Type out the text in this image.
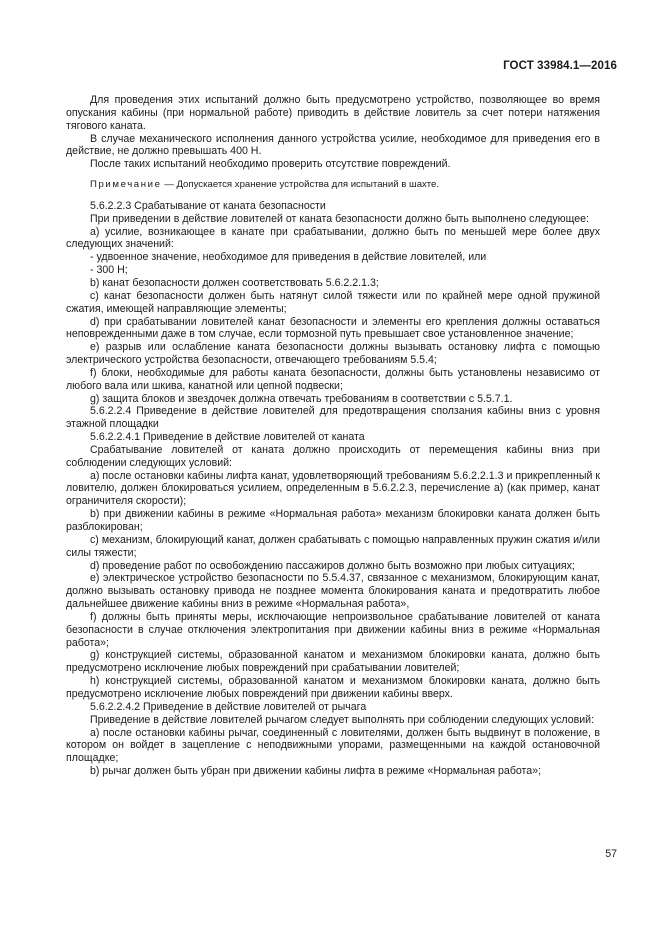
ГОСТ 33984.1—2016

Для проведения этих испытаний должно быть предусмотрено устройство, позволяющее во время опускания кабины (при нормальной работе) приводить в действие ловитель за счет потери натяжения тягового каната.

В случае механического исполнения данного устройства усилие, необходимое для приведения его в действие, не должно превышать 400 Н.

После таких испытаний необходимо проверить отсутствие повреждений.

Примечание — Допускается хранение устройства для испытаний в шахте.

5.6.2.2.3 Срабатывание от каната безопасности

При приведении в действие ловителей от каната безопасности должно быть выполнено следующее:

а) усилие, возникающее в канате при срабатывании, должно быть по меньшей мере более двух следующих значений:

- удвоенное значение, необходимое для приведения в действие ловителей, или

- 300 Н;

b) канат безопасности должен соответствовать 5.6.2.2.1.3;

c) канат безопасности должен быть натянут силой тяжести или по крайней мере одной пружиной сжатия, имеющей направляющие элементы;

d) при срабатывании ловителей канат безопасности и элементы его крепления должны оставаться неповрежденными даже в том случае, если тормозной путь превышает свое установленное значение;

e) разрыв или ослабление каната безопасности должны вызывать остановку лифта с помощью электрического устройства безопасности, отвечающего требованиям 5.5.4;

f) блоки, необходимые для работы каната безопасности, должны быть установлены независимо от любого вала или шкива, канатной или цепной подвески;

g) защита блоков и звездочек должна отвечать требованиям в соответствии с 5.5.7.1.

5.6.2.2.4 Приведение в действие ловителей для предотвращения сползания кабины вниз с уровня этажной площадки

5.6.2.2.4.1 Приведение в действие ловителей от каната

Срабатывание ловителей от каната должно происходить от перемещения кабины вниз при соблюдении следующих условий:

a) после остановки кабины лифта канат, удовлетворяющий требованиям 5.6.2.2.1.3 и прикрепленный к ловителю, должен блокироваться усилием, определенным в 5.6.2.2.3, перечисление а) (как пример, канат ограничителя скорости);

b) при движении кабины в режиме «Нормальная работа» механизм блокировки каната должен быть разблокирован;

c) механизм, блокирующий канат, должен срабатывать с помощью направленных пружин сжатия и/или силы тяжести;

d) проведение работ по освобождению пассажиров должно быть возможно при любых ситуациях;

e) электрическое устройство безопасности по 5.5.4.37, связанное с механизмом, блокирующим канат, должно вызывать остановку привода не позднее момента блокирования каната и предотвратить любое дальнейшее движение кабины вниз в режиме «Нормальная работа»,

f) должны быть приняты меры, исключающие непроизвольное срабатывание ловителей от каната безопасности в случае отключения электропитания при движении кабины вниз в режиме «Нормальная работа»;

g) конструкцией системы, образованной канатом и механизмом блокировки каната, должно быть предусмотрено исключение любых повреждений при срабатывании ловителей;

h) конструкцией системы, образованной канатом и механизмом блокировки каната, должно быть предусмотрено исключение любых повреждений при движении кабины вверх.

5.6.2.2.4.2 Приведение в действие ловителей от рычага

Приведение в действие ловителей рычагом следует выполнять при соблюдении следующих условий:

а) после остановки кабины рычаг, соединенный с ловителями, должен быть выдвинут в положение, в котором он войдет в зацепление с неподвижными упорами, размещенными на каждой остановочной площадке;

b) рычаг должен быть убран при движении кабины лифта в режиме «Нормальная работа»;

57
